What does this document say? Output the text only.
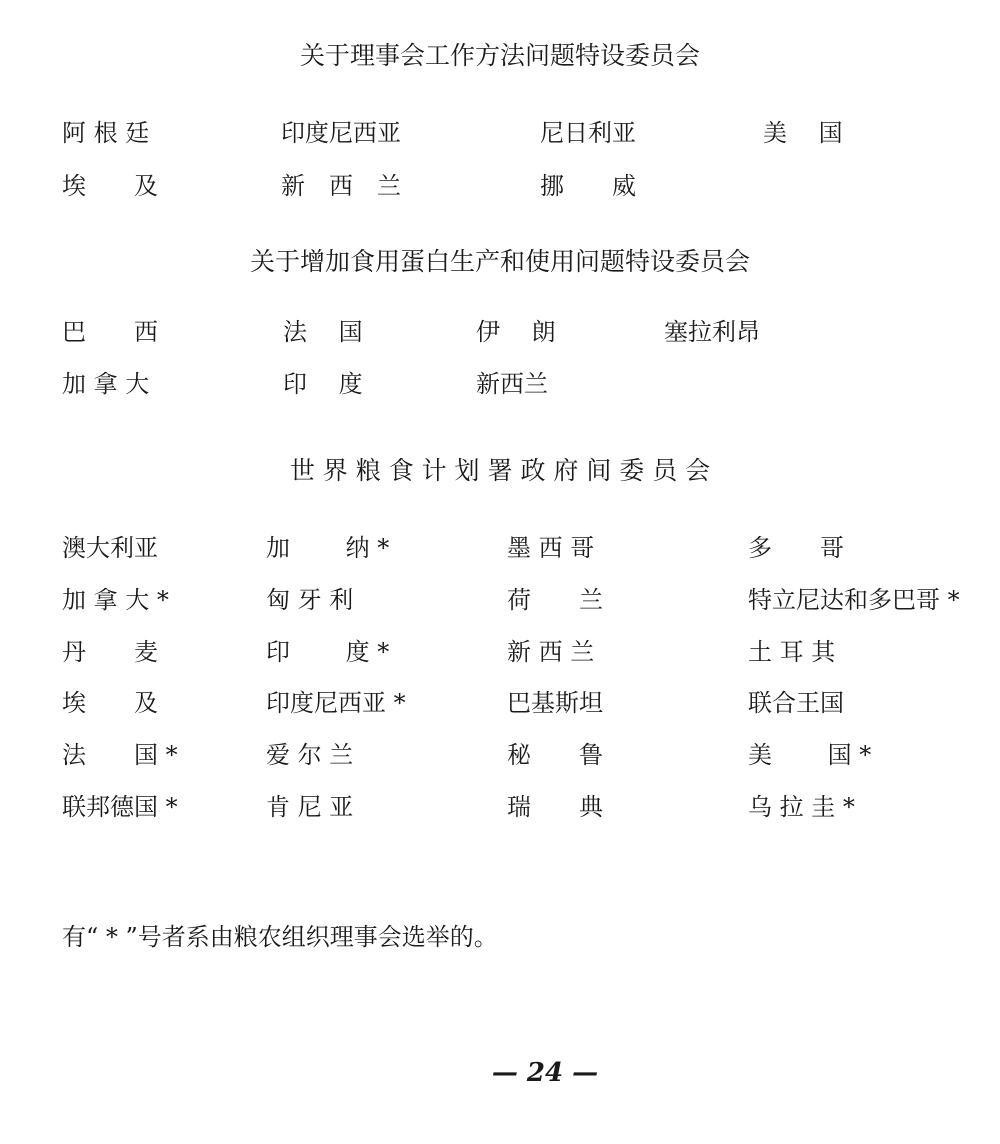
关于理事会工作方法问题特设委员会
阿 根 廷	印度尼西亚	尼日利亚	美　 国
埃　　及	新　西　兰	挪　　威
关于增加食用蛋白生产和使用问题特设委员会
巴　　西	法　 国	伊　 朗	塞拉利昂
加 拿 大	印　 度	新西兰
世 界 粮 食 计 划 署 政 府 间 委 员 会
澳大利亚	加　　 纳 *	墨 西 哥	多　　哥
加 拿 大 *	匈 牙 利	荷　　兰	特立尼达和多巴哥 *
丹　　麦	印　　 度 *	新 西 兰	土 耳 其
埃　　及	印度尼西亚 *	巴基斯坦	联合王国
法　　国 *	爱 尔 兰	秘　　鲁	美　　 国 *
联邦德国 *	肯 尼 亚	瑞　　典	乌 拉 圭 *
有“ * ”号者系由粮农组织理事会选举的。
— 24 —
